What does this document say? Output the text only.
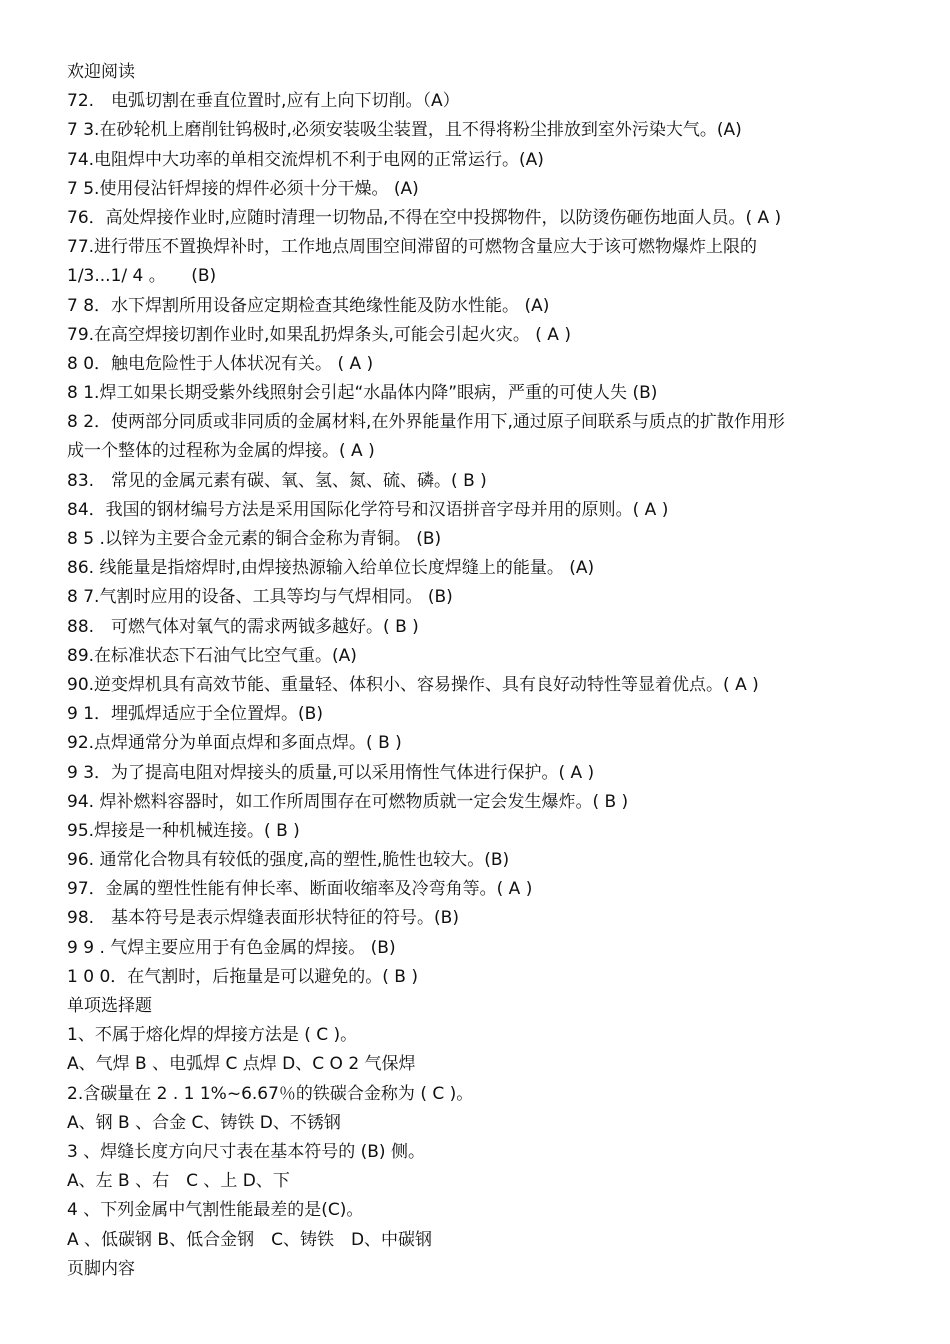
欢迎阅读
72.　电弧切割在垂直位置时,应有上向下切削。（A）
7 3.在砂轮机上磨削钍钨极时,必须安装吸尘装置，且不得将粉尘排放到室外污染大气。(A)
74.电阻焊中大功率的单相交流焊机不利于电网的正常运行。(A)
7 5.使用侵沾钎焊接的焊件必须十分干燥。 (A)
76．高处焊接作业时,应随时清理一切物品,不得在空中投掷物件，以防烫伤砸伤地面人员。( A )
77.进行带压不置换焊补时，工作地点周围空间滞留的可燃物含量应大于该可燃物爆炸上限的
1/3...1/ 4 。　　(B)
7 8．水下焊割所用设备应定期检查其绝缘性能及防水性能。 (A)
79.在高空焊接切割作业时,如果乱扔焊条头,可能会引起火灾。 ( A )
8 0．触电危险性于人体状况有关。 ( A )
8 1.焊工如果长期受紫外线照射会引起“水晶体内降”眼病，严重的可使人失 (B)
8 2．使两部分同质或非同质的金属材料,在外界能量作用下,通过原子间联系与质点的扩散作用形
成一个整体的过程称为金属的焊接。( A )
83.　常见的金属元素有碳、氧、氢、氮、硫、磷。( B )
84．我国的钢材编号方法是采用国际化学符号和汉语拼音字母并用的原则。( A )
8 5 .以锌为主要合金元素的铜合金称为青铜。 (B)
86. 线能量是指熔焊时,由焊接热源输入给单位长度焊缝上的能量。 (A)
8 7.气割时应用的设备、工具等均与气焊相同。 (B)
88.　可燃气体对氧气的需求两钺多越好。( B )
89.在标准状态下石油气比空气重。(A)
90.逆变焊机具有高效节能、重量轻、体积小、容易操作、具有良好动特性等显着优点。( A )
9 1．埋弧焊适应于全位置焊。(B)
92.点焊通常分为单面点焊和多面点焊。( B )
9 3．为了提高电阻对焊接头的质量,可以采用惰性气体进行保护。( A )
94. 焊补燃料容器时，如工作所周围存在可燃物质就一定会发生爆炸。( B )
95.焊接是一种机械连接。( B )
96. 通常化合物具有较低的强度,高的塑性,脆性也较大。(B)
97．金属的塑性性能有伸长率、断面收缩率及冷弯角等。( A )
98.　基本符号是表示焊缝表面形状特征的符号。(B)
9 9 . 气焊主要应用于有色金属的焊接。 (B)
1 0 0．在气割时，后拖量是可以避免的。( B )
单项选择题
1、不属于熔化焊的焊接方法是 ( C )。
A、气焊 B 、电弧焊 C 点焊 D、C O 2 气保焊
2.含碳量在 2 . 1 1%~6.67％的铁碳合金称为 ( C )。
A、钢 B 、合金 C、铸铁 D、不锈钢
3 、焊缝长度方向尺寸表在基本符号的 (B) 侧。
A、左 B 、右　C 、上 D、下
4 、下列金属中气割性能最差的是(C)。
A 、低碳钢 B、低合金钢　C、铸铁　D、中碳钢
页脚内容
